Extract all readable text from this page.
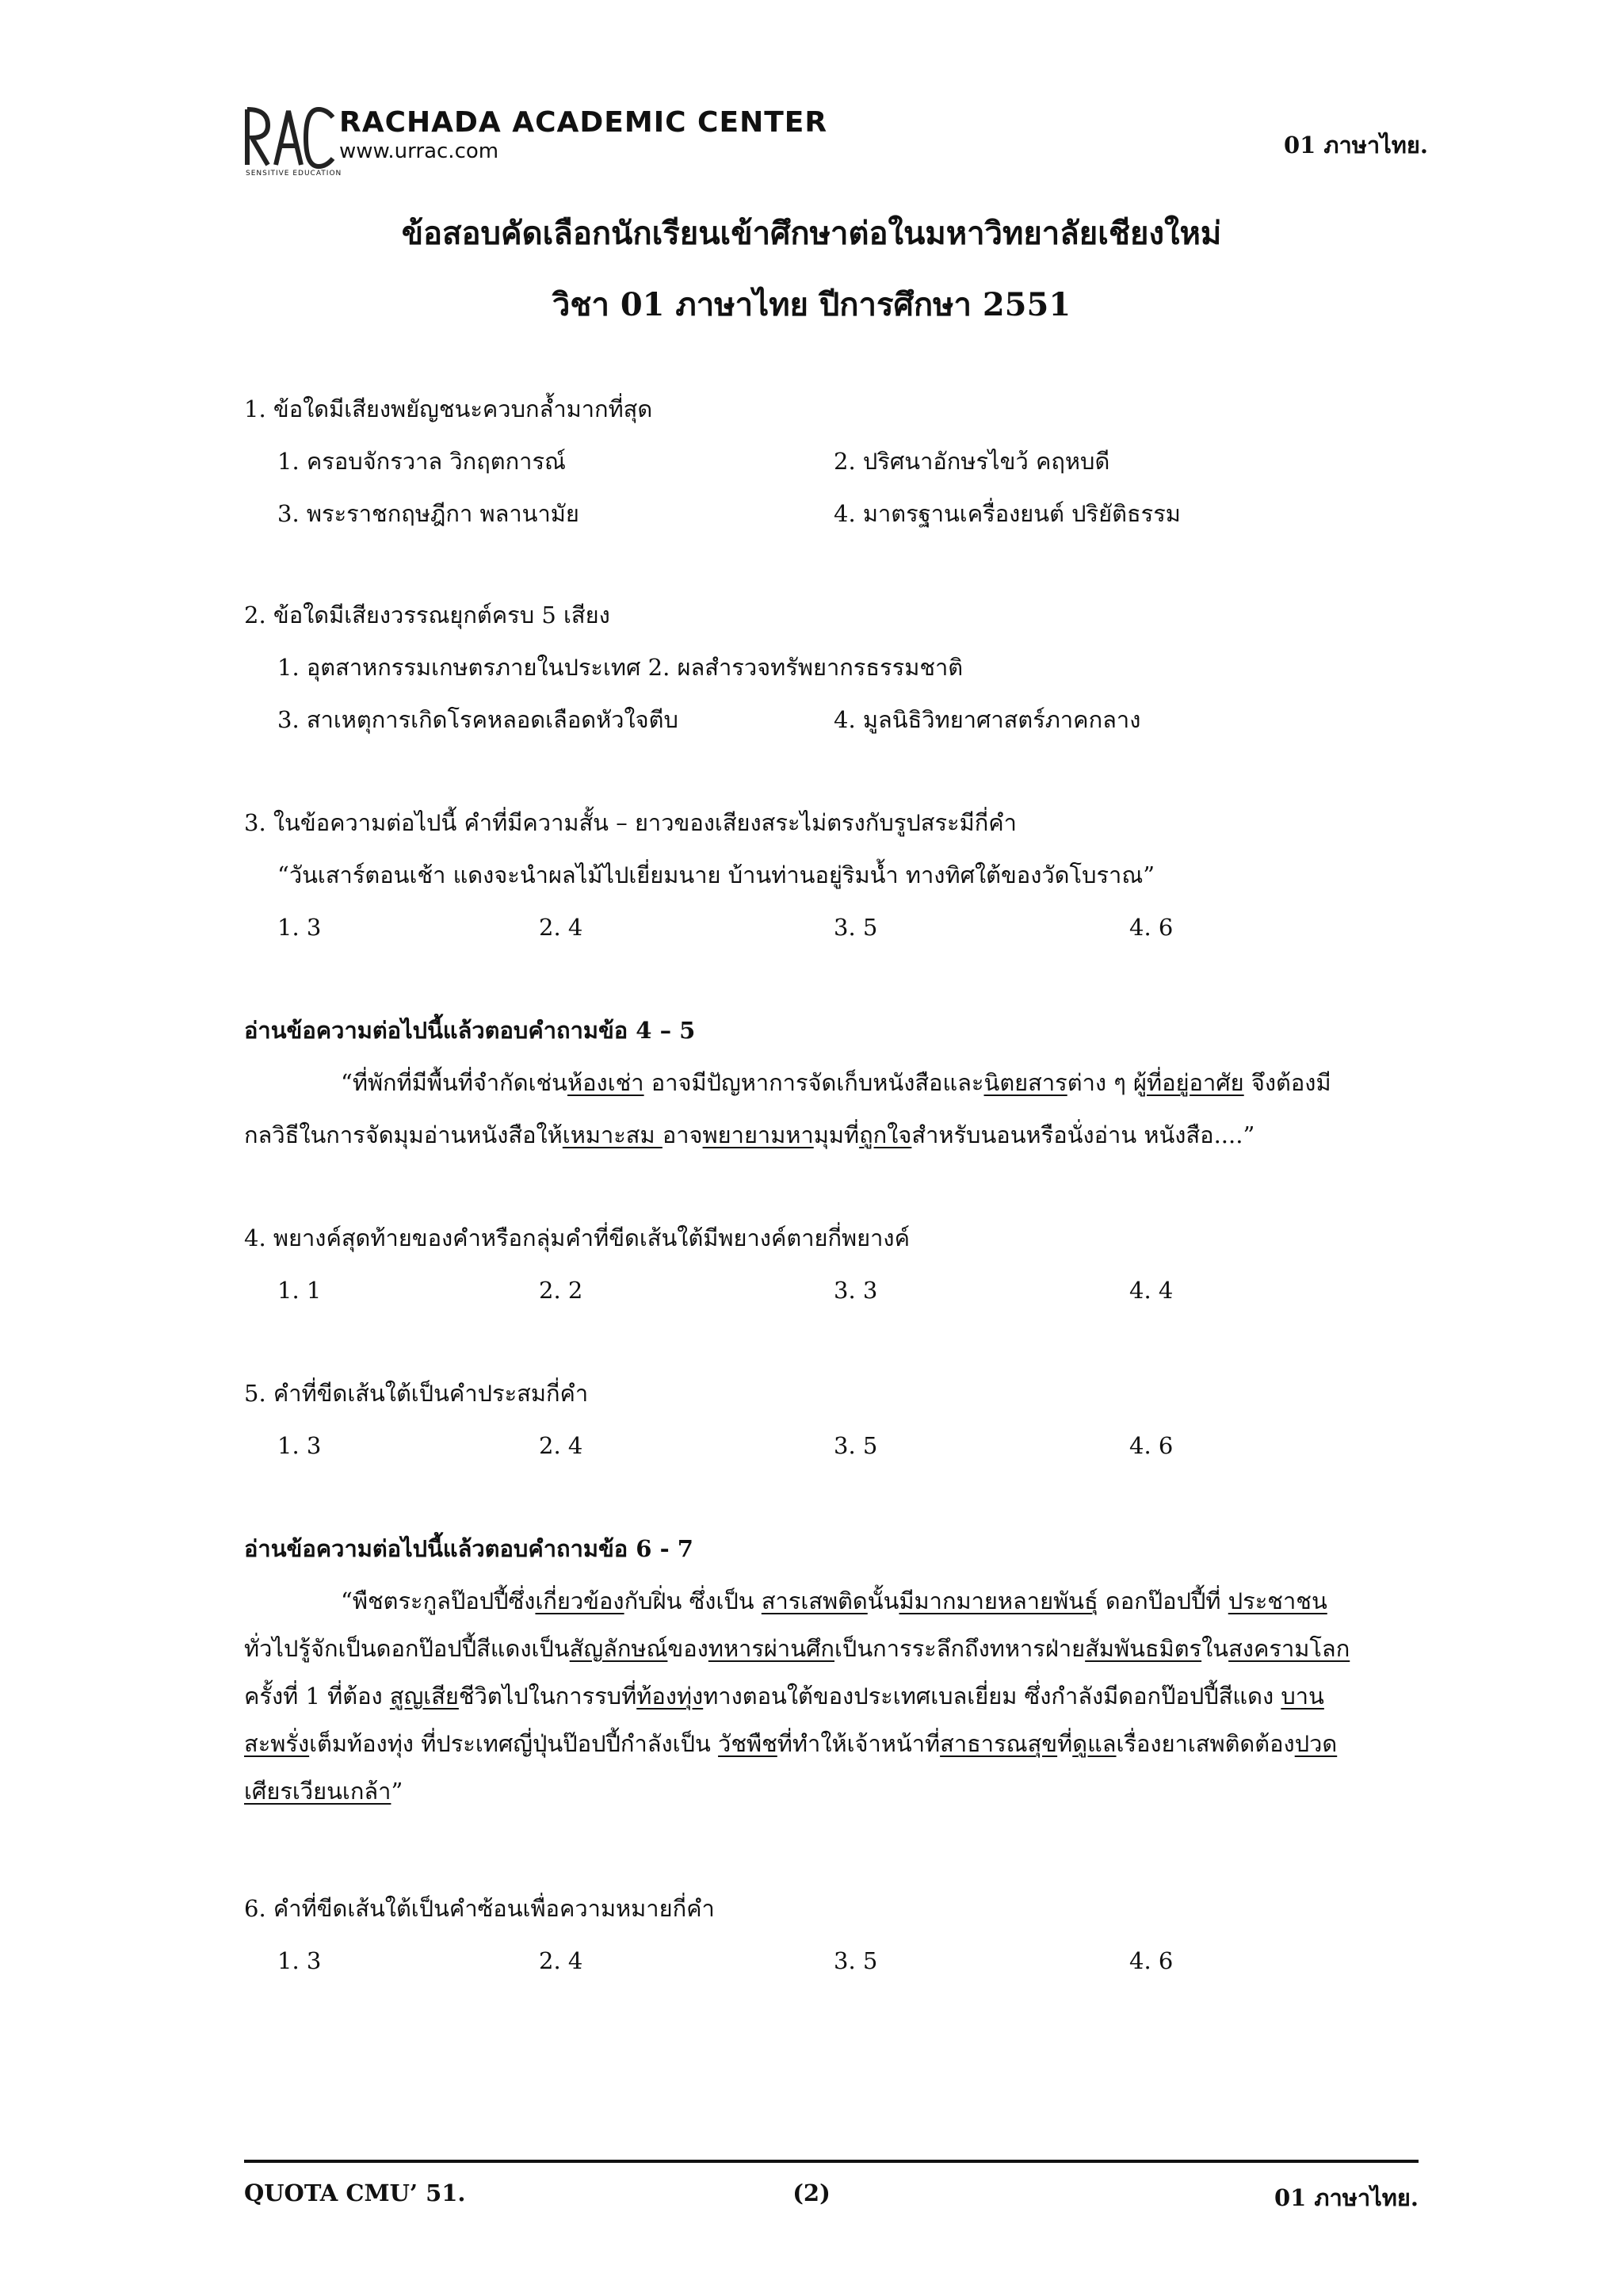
RACHADA ACADEMIC CENTER
www.urrac.com
SENSITIVE EDUCATION
01 ภาษาไทย.
ข้อสอบคัดเลือกนักเรียนเข้าศึกษาต่อในมหาวิทยาลัยเชียงใหม่
วิชา 01 ภาษาไทย ปีการศึกษา 2551
1. ข้อใดมีเสียงพยัญชนะควบกล้ำมากที่สุด
1. ครอบจักรวาล วิกฤตการณ์	2. ปริศนาอักษรไขว้ คฤหบดี
3. พระราชกฤษฎีกา พลานามัย	4. มาตรฐานเครื่องยนต์ ปริยัติธรรม
2. ข้อใดมีเสียงวรรณยุกต์ครบ 5 เสียง
1. อุตสาหกรรมเกษตรภายในประเทศ 2. ผลสำรวจทรัพยากรธรรมชาติ
3. สาเหตุการเกิดโรคหลอดเลือดหัวใจตีบ	4. มูลนิธิวิทยาศาสตร์ภาคกลาง
3. ในข้อความต่อไปนี้ คำที่มีความสั้น – ยาวของเสียงสระไม่ตรงกับรูปสระมีกี่คำ
“วันเสาร์ตอนเช้า แดงจะนำผลไม้ไปเยี่ยมนาย บ้านท่านอยู่ริมน้ำ ทางทิศใต้ของวัดโบราณ”
1. 3	2. 4	3. 5	4. 6
อ่านข้อความต่อไปนี้แล้วตอบคำถามข้อ 4 – 5
“ที่พักที่มีพื้นที่จำกัดเช่นห้องเช่า อาจมีปัญหาการจัดเก็บหนังสือและนิตยสารต่าง ๆ ผู้ที่อยู่อาศัย จึงต้องมี
กลวิธีในการจัดมุมอ่านหนังสือให้เหมาะสม อาจพยายามหามุมที่ถูกใจสำหรับนอนหรือนั่งอ่าน หนังสือ....”
4. พยางค์สุดท้ายของคำหรือกลุ่มคำที่ขีดเส้นใต้มีพยางค์ตายกี่พยางค์
1. 1	2. 2	3. 3	4. 4
5. คำที่ขีดเส้นใต้เป็นคำประสมกี่คำ
1. 3	2. 4	3. 5	4. 6
อ่านข้อความต่อไปนี้แล้วตอบคำถามข้อ 6 - 7
“พืชตระกูลป๊อปปี้ซึ่งเกี่ยวข้องกับฝิ่น ซึ่งเป็น สารเสพติดนั้นมีมากมายหลายพันธุ์ ดอกป๊อปปี้ที่ ประชาชน
ทั่วไปรู้จักเป็นดอกป๊อปปี้สีแดงเป็นสัญลักษณ์ของทหารผ่านศึกเป็นการระลึกถึงทหารฝ่ายสัมพันธมิตรในสงครามโลก
ครั้งที่ 1 ที่ต้อง สูญเสียชีวิตไปในการรบที่ท้องทุ่งทางตอนใต้ของประเทศเบลเยี่ยม ซึ่งกำลังมีดอกป๊อปปี้สีแดง บาน
สะพรั่งเต็มท้องทุ่ง ที่ประเทศญี่ปุ่นป๊อปปี้กำลังเป็น วัชพืชที่ทำให้เจ้าหน้าที่สาธารณสุขที่ดูแลเรื่องยาเสพติดต้องปวด
เศียรเวียนเกล้า”
6. คำที่ขีดเส้นใต้เป็นคำซ้อนเพื่อความหมายกี่คำ
1. 3	2. 4	3. 5	4. 6
QUOTA CMU’ 51.	(2)	01 ภาษาไทย.
